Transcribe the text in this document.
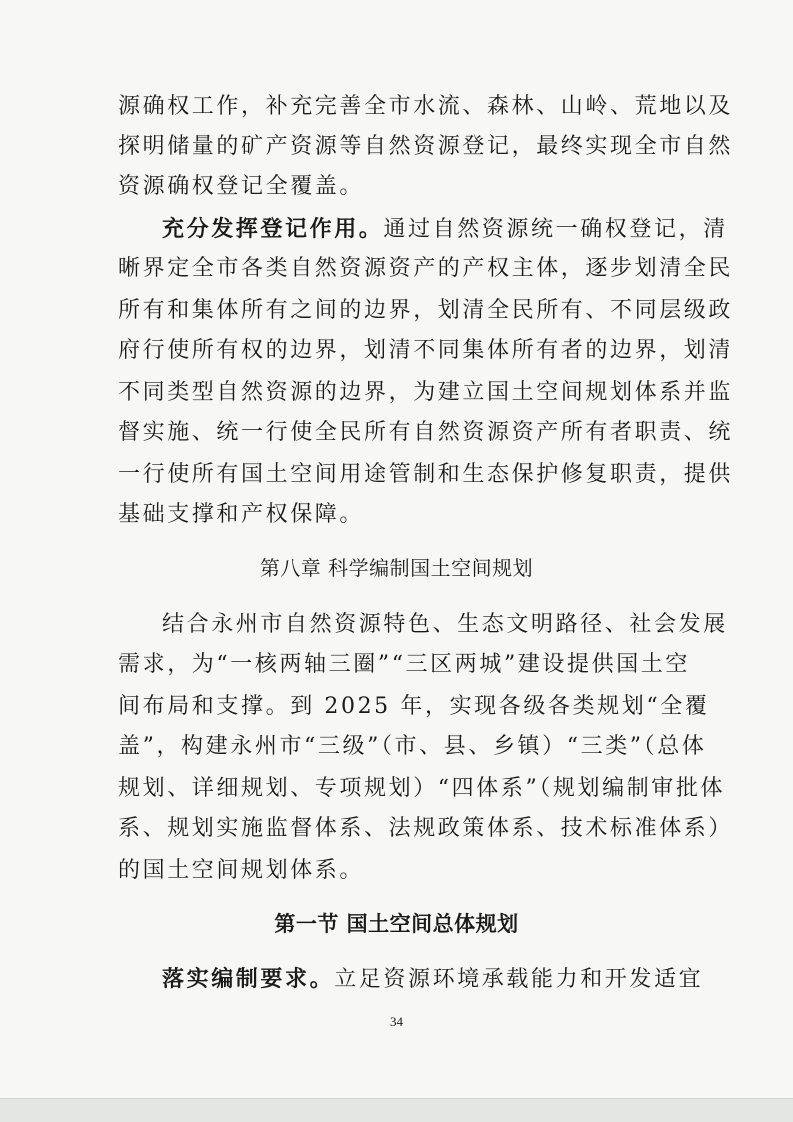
源确权工作，补充完善全市水流、森林、山岭、荒地以及
探明储量的矿产资源等自然资源登记，最终实现全市自然
资源确权登记全覆盖。
充分发挥登记作用。通过自然资源统一确权登记，清
晰界定全市各类自然资源资产的产权主体，逐步划清全民
所有和集体所有之间的边界，划清全民所有、不同层级政
府行使所有权的边界，划清不同集体所有者的边界，划清
不同类型自然资源的边界，为建立国土空间规划体系并监
督实施、统一行使全民所有自然资源资产所有者职责、统
一行使所有国土空间用途管制和生态保护修复职责，提供
基础支撑和产权保障。
第八章 科学编制国土空间规划
结合永州市自然资源特色、生态文明路径、社会发展
需求，为“一核两轴三圈”“三区两城”建设提供国土空
间布局和支撑。到 2025 年，实现各级各类规划“全覆
盖”，构建永州市“三级”（市、县、乡镇）“三类”（总体
规划、详细规划、专项规划）“四体系”（规划编制审批体
系、规划实施监督体系、法规政策体系、技术标准体系）
的国土空间规划体系。
第一节 国土空间总体规划
落实编制要求。立足资源环境承载能力和开发适宜
34
